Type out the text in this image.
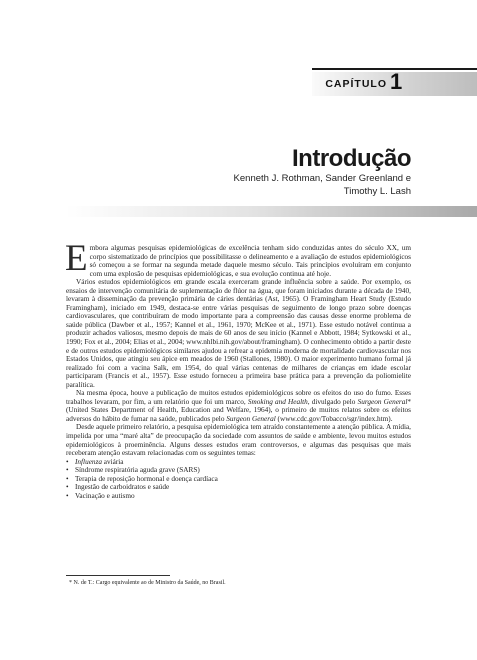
CAPÍTULO 1
Introdução
Kenneth J. Rothman, Sander Greenland e
Timothy L. Lash

Embora algumas pesquisas epidemiológicas de excelência tenham sido conduzidas antes do século XX, um corpo sistematizado de princípios que possibilitasse o delineamento e a avaliação de estudos epidemiológicos só começou a se formar na segunda metade daquele mesmo século. Tais princípios evoluíram em conjunto com uma explosão de pesquisas epidemiológicas, e sua evolução continua até hoje.

Vários estudos epidemiológicos em grande escala exerceram grande influência sobre a saúde. Por exemplo, os ensaios de intervenção comunitária de suplementação de flúor na água, que foram iniciados durante a década de 1940, levaram à disseminação da prevenção primária de cáries dentárias (Ast, 1965). O Framingham Heart Study (Estudo Framingham), iniciado em 1949, destaca-se entre várias pesquisas de seguimento de longo prazo sobre doenças cardiovasculares, que contribuíram de modo importante para a compreensão das causas desse enorme problema de saúde pública (Dawber et al., 1957; Kannel et al., 1961, 1970; McKee et al., 1971). Esse estudo notável continua a produzir achados valiosos, mesmo depois de mais de 60 anos de seu início (Kannel e Abbott, 1984; Sytkowski et al., 1990; Fox et al., 2004; Elias et al., 2004; www.nhlbi.nih.gov/about/framingham). O conhecimento obtido a partir deste e de outros estudos epidemiológicos similares ajudou a refrear a epidemia moderna de mortalidade cardiovascular nos Estados Unidos, que atingiu seu ápice em meados de 1960 (Stallones, 1980). O maior experimento humano formal já realizado foi com a vacina Salk, em 1954, do qual várias centenas de milhares de crianças em idade escolar participaram (Francis et al., 1957). Esse estudo forneceu a primeira base prática para a prevenção da poliomielite paralítica.

Na mesma época, houve a publicação de muitos estudos epidemiológicos sobre os efeitos do uso do fumo. Esses trabalhos levaram, por fim, a um relatório que foi um marco, Smoking and Health, divulgado pelo Surgeon General* (United States Department of Health, Education and Welfare, 1964), o primeiro de muitos relatos sobre os efeitos adversos do hábito de fumar na saúde, publicados pelo Surgeon General (www.cdc.gov/Tobacco/sgr/index.htm).

Desde aquele primeiro relatório, a pesquisa epidemiológica tem atraído constantemente a atenção pública. A mídia, impelida por uma “maré alta” de preocupação da sociedade com assuntos de saúde e ambiente, levou muitos estudos epidemiológicos à proeminência. Alguns desses estudos eram controversos, e algumas das pesquisas que mais receberam atenção estavam relacionadas com os seguintes temas:

• Influenza aviária
• Síndrome respiratória aguda grave (SARS)
• Terapia de reposição hormonal e doença cardíaca
• Ingestão de carboidratos e saúde
• Vacinação e autismo
* N. de T.: Cargo equivalente ao de Ministro da Saúde, no Brasil.
